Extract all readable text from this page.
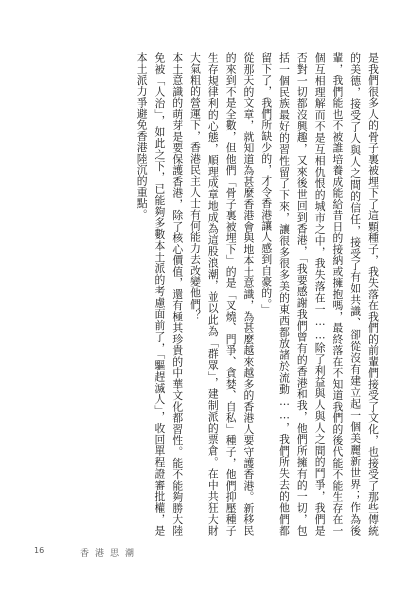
是我們很多人的骨子裏被埋下了這顆種子，我失落在我們的前輩們接受了文化，也接受了那些傳統的美德，接受了人與人之間的信任，接受了有如共識、卻從沒有建立起一個美麗新世界；作為後輩，我們能也不被誰培養成能給昔日的接納或擁抱嗎，最終落在不知道我們的後代能不能生存在一個互相理解而不是互相仇恨的城市之中，我失落在一……除了利益與人與人之間的鬥爭，我們是否對一切都沒興趣，又來後世回到香港，「我要感謝我們曾有的香港和我，他們所擁有的一切，包括一個民族最好的習性留了下來，讓很多很多美的東西都放諸於流動……，我們所失去的他們都留下了，我們所缺少的，才令香港讓人感到自豪的。」

從那天的文章，就知道為甚麼香港會與地本土意識，為甚麼越來越多的香港人要守護香港。新移民的來到不是全數，但他們「骨子裏被埋下」的是「叉燒、門爭、貪婪、自私」種子，他們抑壓種子生存規律利的心態，順理成章地成為這股浪潮，並以此為「群眾」，建制派的票倉。在中共狂大財大氣粗的營運下，香港民主人士有何能力去改變他們？

本土意識的萌芽是要保護香港，除了核心價值，還有極其珍貴的中華文化都習性。能不能夠勝大陸免被「人治」，如此之下，已能夠多數本土派的考慮面前了，「驅趕滅人」，收回單程證審批權，是本土派力爭避免香港陸沉的重點。

16	香港思潮
